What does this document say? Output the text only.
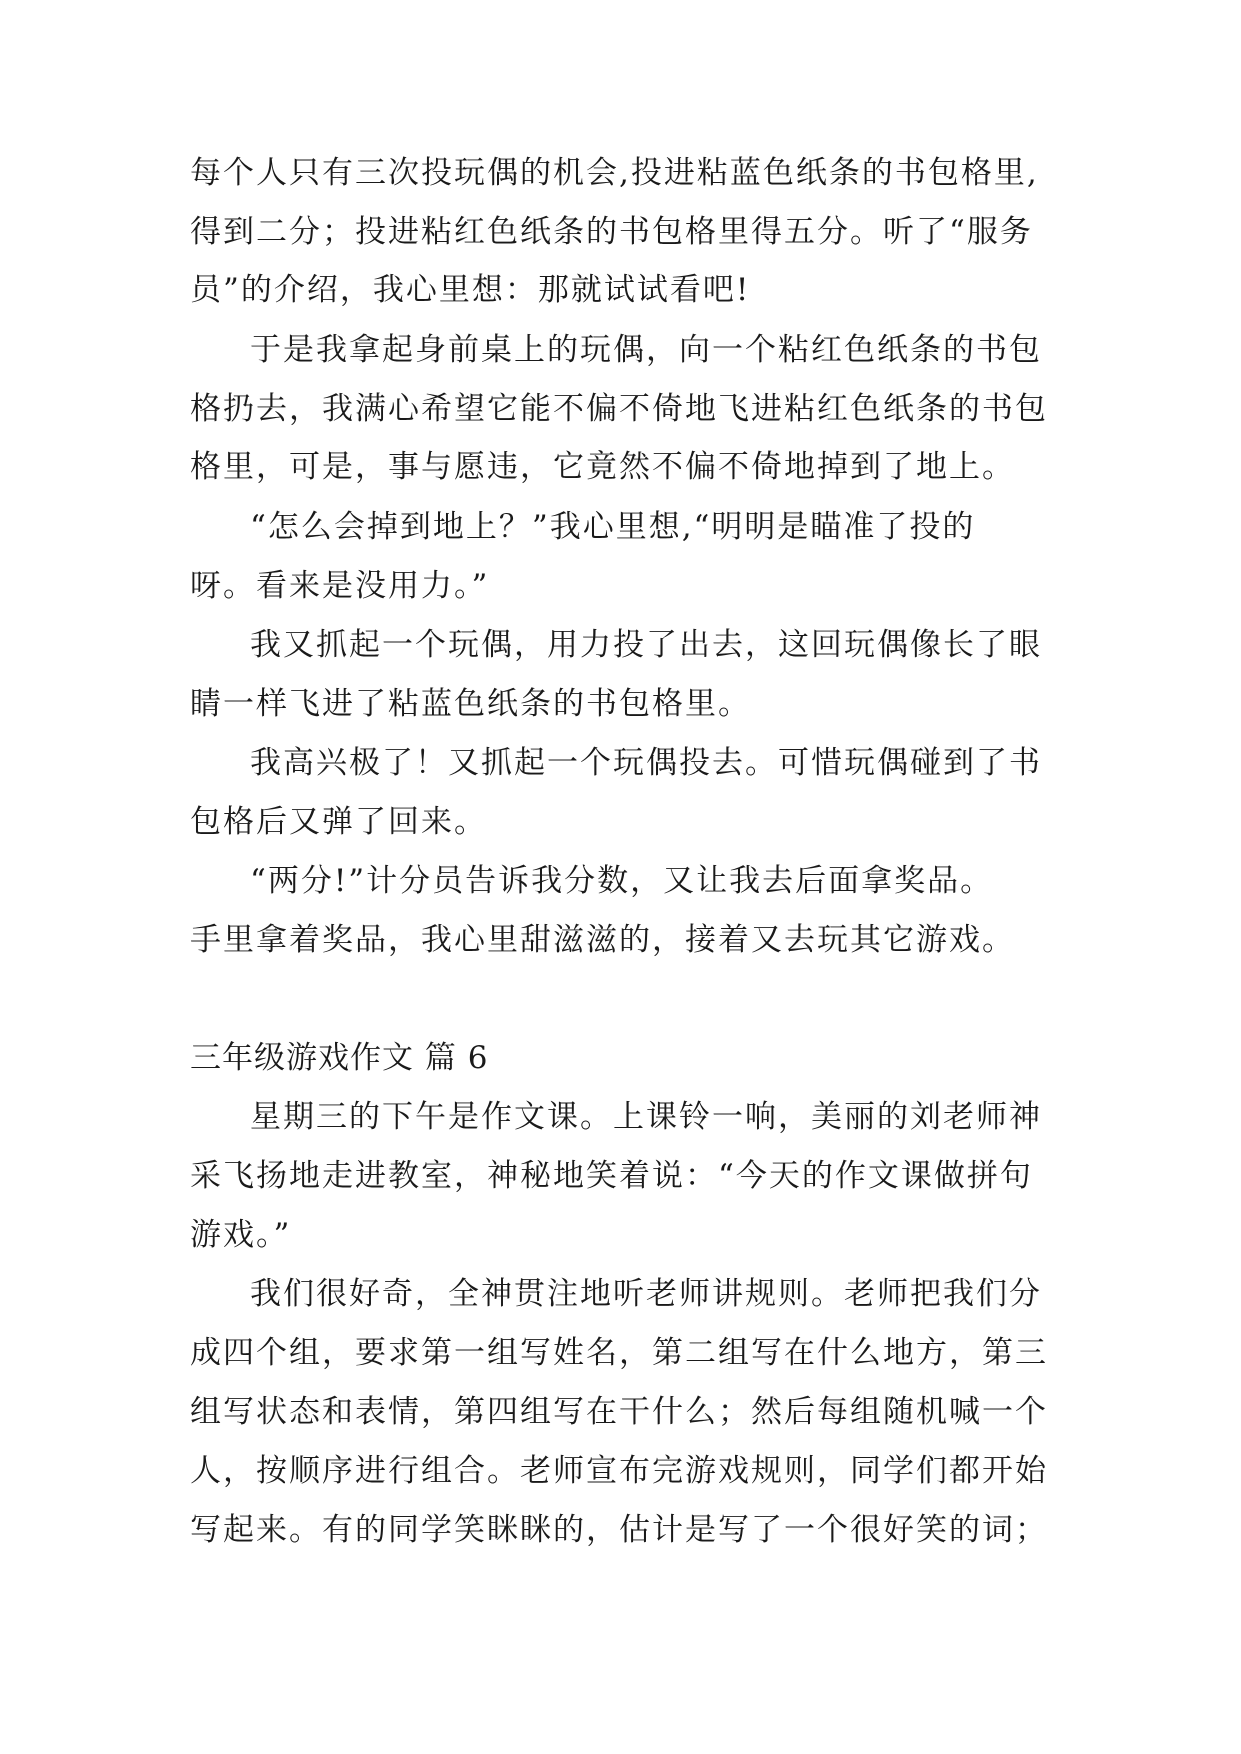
每个人只有三次投玩偶的机会,投进粘蓝色纸条的书包格里,
得到二分；投进粘红色纸条的书包格里得五分。听了“服务
员”的介绍，我心里想：那就试试看吧!
于是我拿起身前桌上的玩偶，向一个粘红色纸条的书包
格扔去，我满心希望它能不偏不倚地飞进粘红色纸条的书包
格里，可是，事与愿违，它竟然不偏不倚地掉到了地上。
“怎么会掉到地上？”我心里想,“明明是瞄准了投的
呀。看来是没用力。”
我又抓起一个玩偶，用力投了出去，这回玩偶像长了眼
睛一样飞进了粘蓝色纸条的书包格里。
我高兴极了！又抓起一个玩偶投去。可惜玩偶碰到了书
包格后又弹了回来。
“两分!”计分员告诉我分数，又让我去后面拿奖品。
手里拿着奖品，我心里甜滋滋的，接着又去玩其它游戏。
三年级游戏作文 篇 6
星期三的下午是作文课。上课铃一响，美丽的刘老师神
采飞扬地走进教室，神秘地笑着说：“今天的作文课做拼句
游戏。”
我们很好奇，全神贯注地听老师讲规则。老师把我们分
成四个组，要求第一组写姓名，第二组写在什么地方，第三
组写状态和表情，第四组写在干什么；然后每组随机喊一个
人，按顺序进行组合。老师宣布完游戏规则，同学们都开始
写起来。有的同学笑眯眯的，估计是写了一个很好笑的词；
